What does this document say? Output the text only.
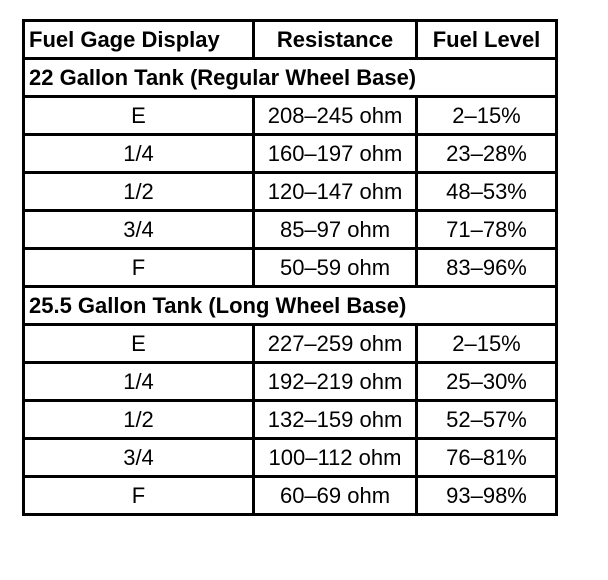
Fuel Gage Display	Resistance	Fuel Level
22 Gallon Tank (Regular Wheel Base)		
E	208–245 ohm	2–15%
1/4	160–197 ohm	23–28%
1/2	120–147 ohm	48–53%
3/4	85–97 ohm	71–78%
F	50–59 ohm	83–96%
25.5 Gallon Tank (Long Wheel Base)		
E	227–259 ohm	2–15%
1/4	192–219 ohm	25–30%
1/2	132–159 ohm	52–57%
3/4	100–112 ohm	76–81%
F	60–69 ohm	93–98%
